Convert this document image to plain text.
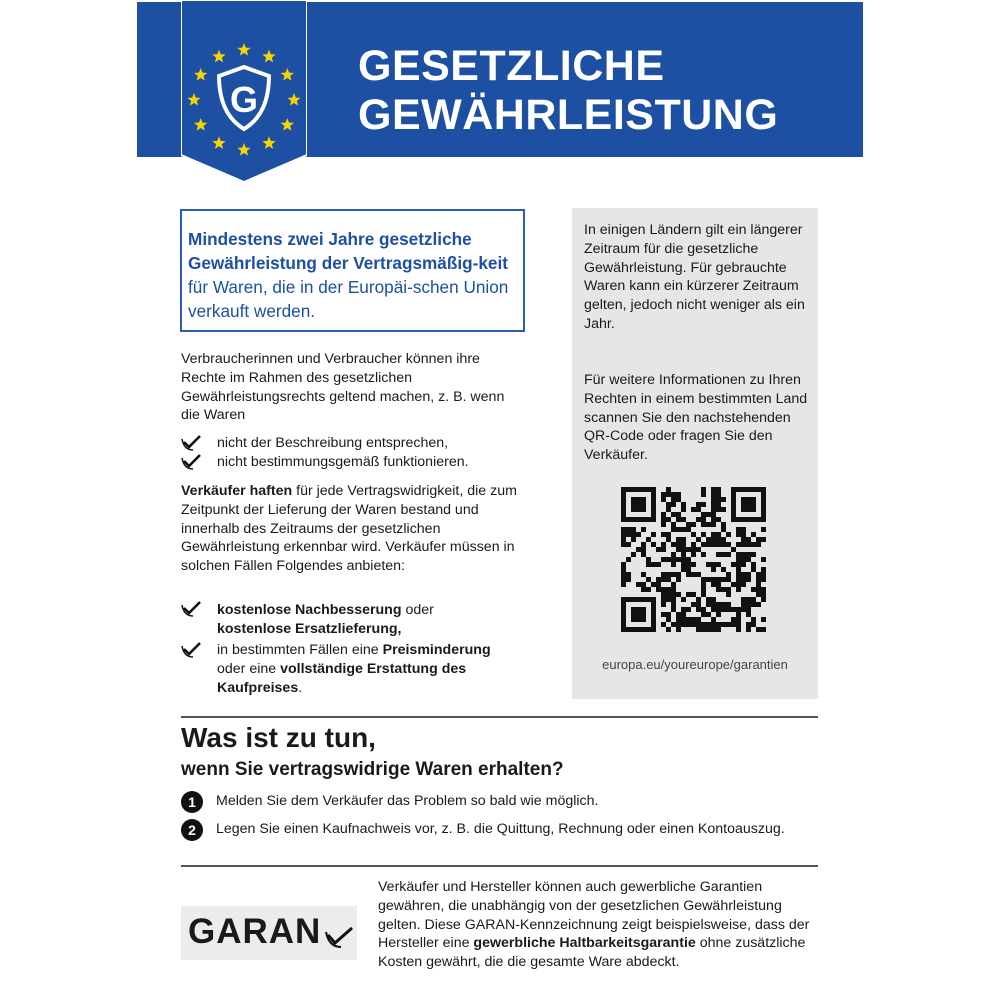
G
GESETZLICHE
GEWÄHRLEISTUNG
Mindestens zwei Jahre gesetzliche Gewährleistung der Vertragsmäßig-keit für Waren, die in der Europäi-schen Union verkauft werden.
Verbraucherinnen und Verbraucher können ihre Rechte im Rahmen des gesetzlichen Gewährleistungsrechts geltend machen, z. B. wenn die Waren
nicht der Beschreibung entsprechen,
nicht bestimmungsgemäß funktionieren.
Verkäufer haften für jede Vertragswidrigkeit, die zum Zeitpunkt der Lieferung der Waren bestand und innerhalb des Zeitraums der gesetzlichen Gewährleistung erkennbar wird. Verkäufer müssen in solchen Fällen Folgendes anbieten:
kostenlose Nachbesserung oder
kostenlose Ersatzlieferung,
in bestimmten Fällen eine Preisminderung
oder eine vollständige Erstattung des
Kaufpreises.
In einigen Ländern gilt ein längerer Zeitraum für die gesetzliche Gewährleistung. Für gebrauchte Waren kann ein kürzerer Zeitraum gelten, jedoch nicht weniger als ein Jahr.
Für weitere Informationen zu Ihren Rechten in einem bestimmten Land scannen Sie den nachstehenden QR-Code oder fragen Sie den Verkäufer.
europa.eu/youreurope/garantien
Was ist zu tun,
wenn Sie vertragswidrige Waren erhalten?
1	Melden Sie dem Verkäufer das Problem so bald wie möglich.
2	Legen Sie einen Kaufnachweis vor, z. B. die Quittung, Rechnung oder einen Kontoauszug.
GARAN
Verkäufer und Hersteller können auch gewerbliche Garantien gewähren, die unabhängig von der gesetzlichen Gewährleistung gelten. Diese GARAN-Kennzeichnung zeigt beispielsweise, dass der Hersteller eine gewerbliche Haltbarkeitsgarantie ohne zusätzliche Kosten gewährt, die die gesamte Ware abdeckt.
